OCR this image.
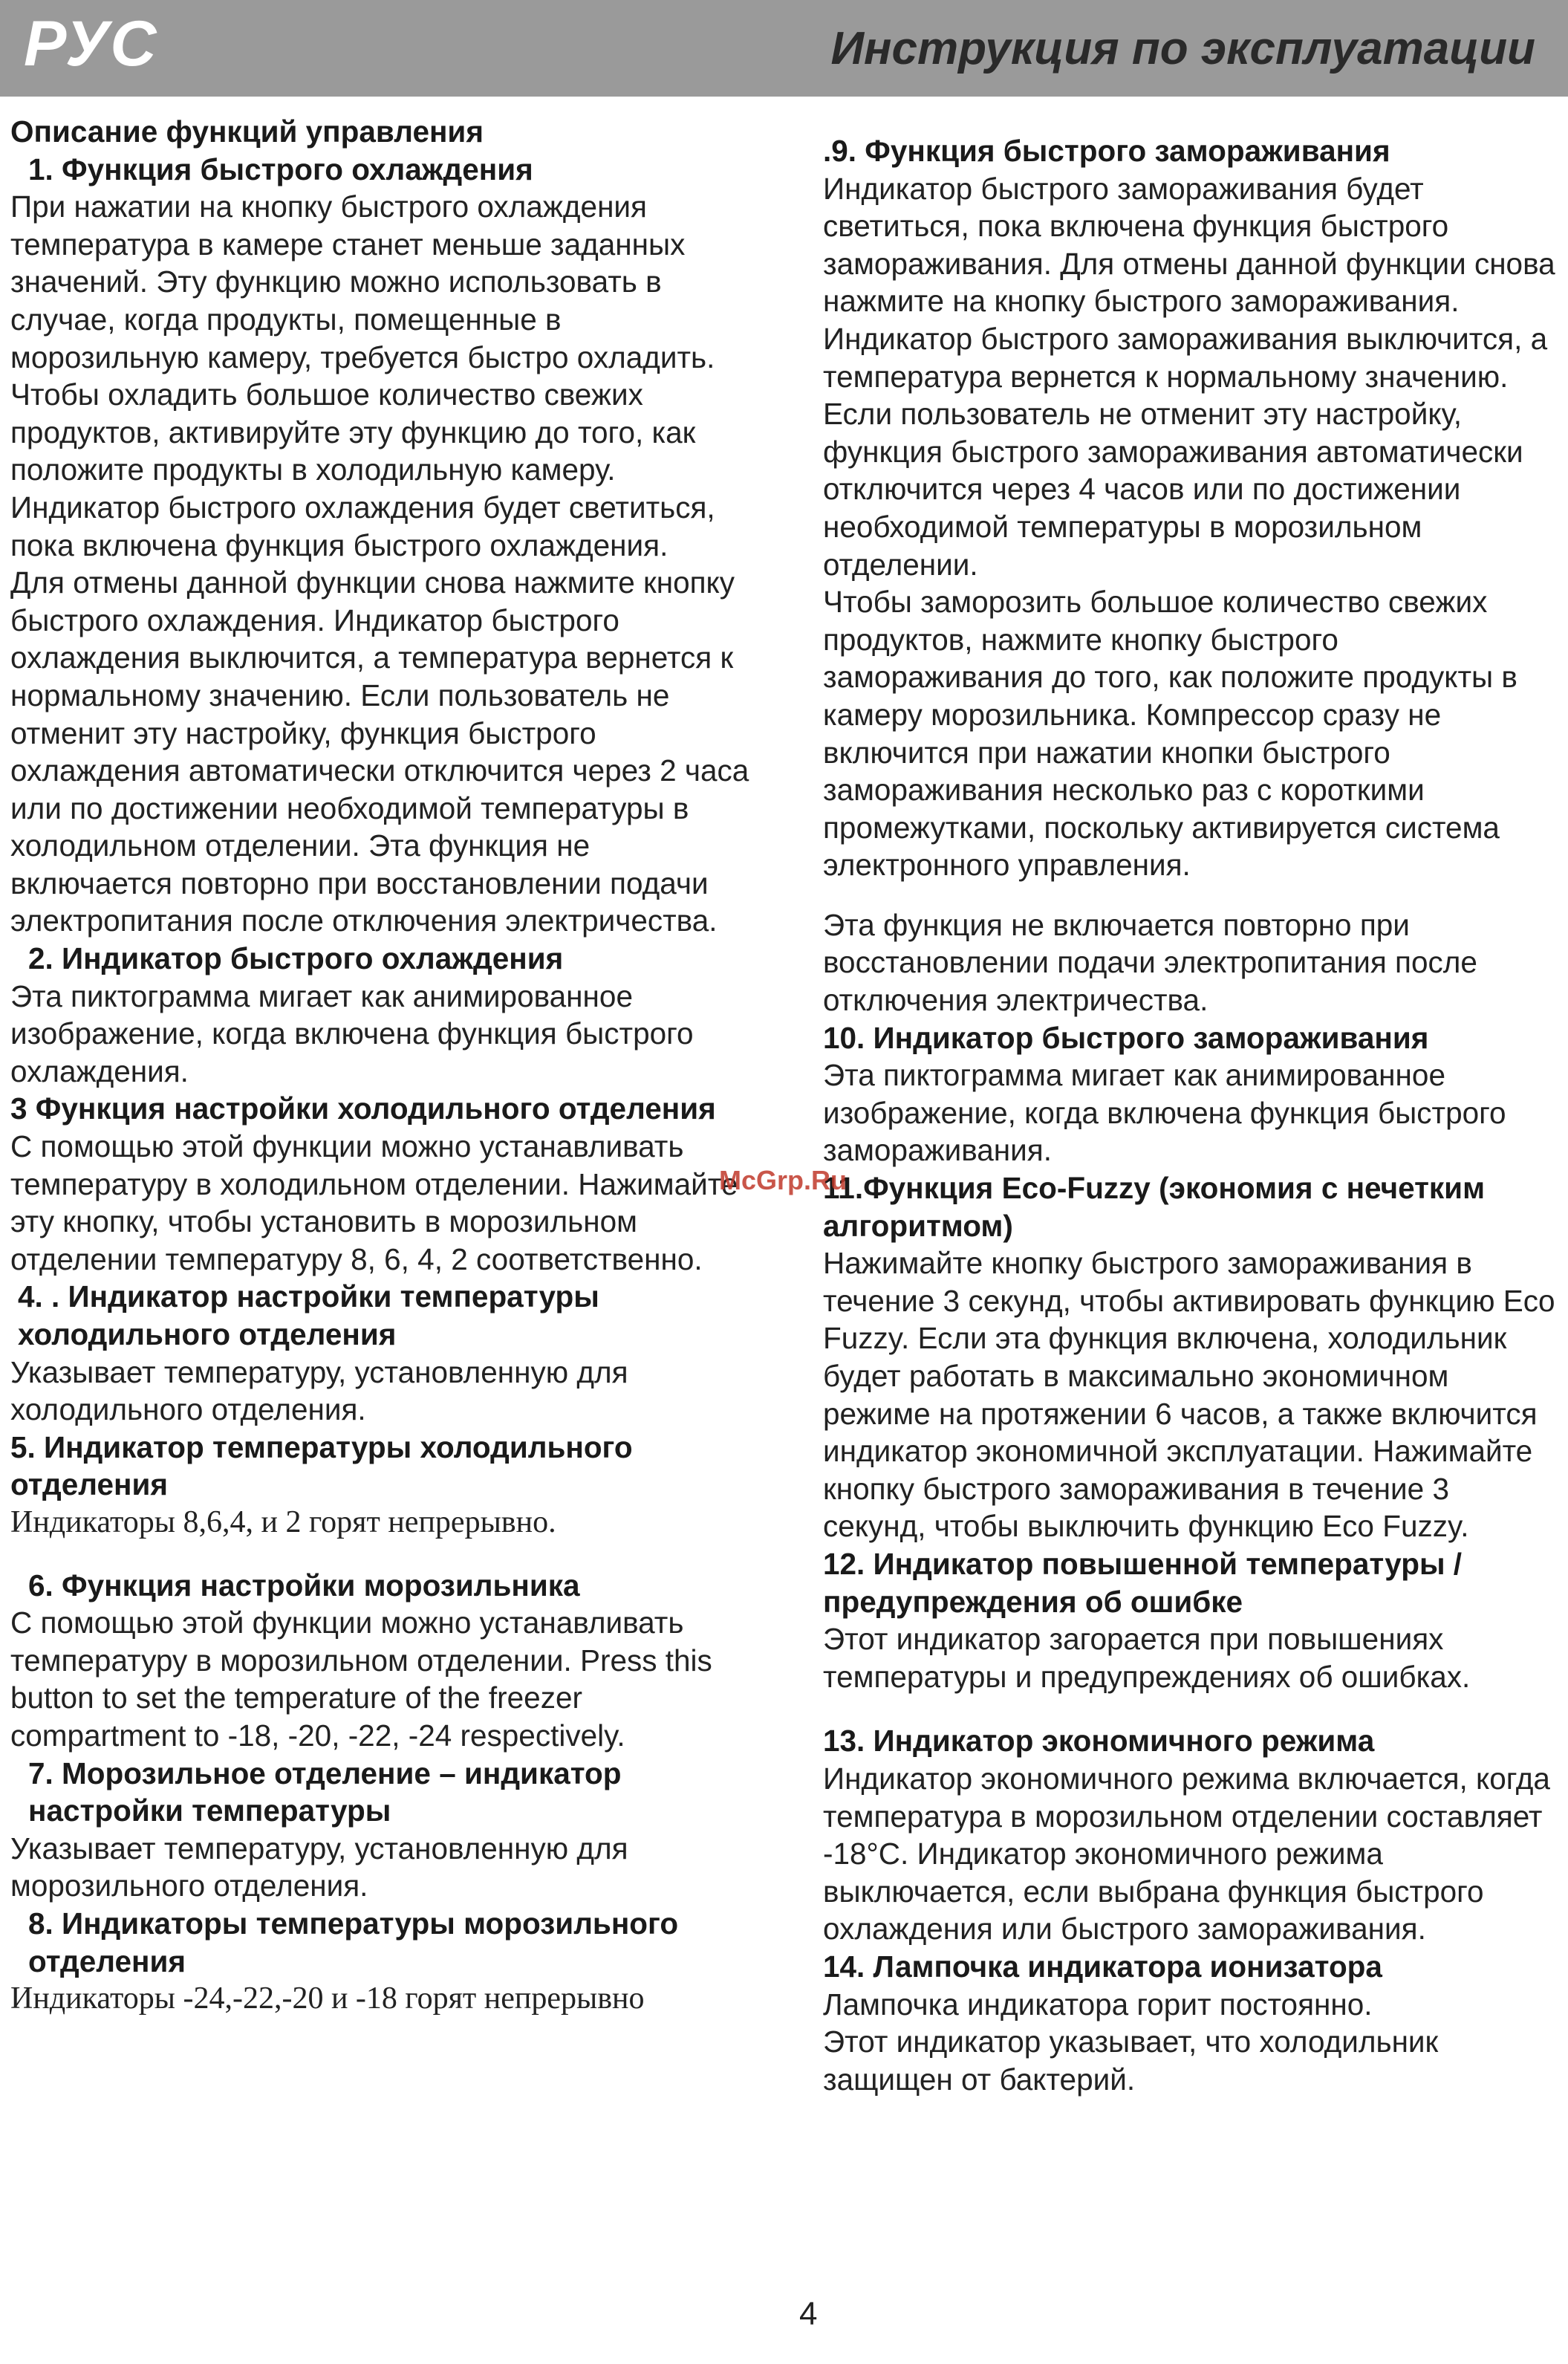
РУС	Инструкция по эксплуатации

Описание функций управления

1. Функция быстрого охлаждения

При нажатии на кнопку быстрого охлаждения температура в камере станет меньше заданных значений. Эту функцию можно использовать в случае, когда продукты, помещенные в морозильную камеру, требуется быстро охладить.

Чтобы охладить большое количество свежих продуктов, активируйте эту функцию до того, как положите продукты в холодильную камеру. Индикатор быстрого охлаждения будет светиться, пока включена функция быстрого охлаждения.

Для отмены данной функции снова нажмите кнопку быстрого охлаждения. Индикатор быстрого охлаждения выключится, а температура вернется к нормальному значению. Если пользователь не отменит эту настройку, функция быстрого охлаждения автоматически отключится через 2 часа или по достижении необходимой температуры в холодильном отделении. Эта функция не включается повторно при восстановлении подачи электропитания после отключения электричества.

2. Индикатор быстрого охлаждения

Эта пиктограмма мигает как анимированное изображение, когда включена функция быстрого охлаждения.

3 Функция настройки холодильного отделения

С помощью этой функции можно устанавливать температуру в холодильном отделении. Нажимайте эту кнопку, чтобы установить в морозильном отделении температуру 8, 6, 4, 2 соответственно.

4. . Индикатор настройки температуры холодильного отделения

Указывает температуру, установленную для холодильного отделения.

5. Индикатор температуры холодильного отделения

Индикаторы 8,6,4, и 2 горят непрерывно.

6. Функция настройки морозильника

С помощью этой функции можно устанавливать температуру в морозильном отделении. Press this button to set the temperature of the freezer compartment to -18, -20, -22, -24 respectively.

7. Морозильное отделение – индикатор настройки температуры

Указывает температуру, установленную для морозильного отделения.

8. Индикаторы температуры морозильного отделения

Индикаторы -24,-22,-20 и -18 горят непрерывно

.9. Функция быстрого замораживания

Индикатор быстрого замораживания будет светиться, пока включена функция быстрого замораживания. Для отмены данной функции снова нажмите на кнопку быстрого замораживания. Индикатор быстрого замораживания выключится, а температура вернется к нормальному значению. Если пользователь не отменит эту настройку, функция быстрого замораживания автоматически отключится через 4 часов или по достижении необходимой температуры в морозильном отделении.

Чтобы заморозить большое количество свежих продуктов, нажмите кнопку быстрого замораживания до того, как положите продукты в камеру морозильника. Компрессор сразу не включится при нажатии кнопки быстрого замораживания несколько раз с короткими промежутками, поскольку активируется система электронного управления.

Эта функция не включается повторно при восстановлении подачи электропитания после отключения электричества.

10. Индикатор быстрого замораживания

Эта пиктограмма мигает как анимированное изображение, когда включена функция быстрого замораживания.

11.Функция Eco-Fuzzy (экономия с нечетким алгоритмом)

Нажимайте кнопку быстрого замораживания в течение 3 секунд, чтобы активировать функцию Eco Fuzzy. Если эта функция включена, холодильник будет работать в максимально экономичном режиме на протяжении 6 часов, а также включится индикатор экономичной эксплуатации. Нажимайте кнопку быстрого замораживания в течение 3 секунд, чтобы выключить функцию Eco Fuzzy.

12. Индикатор повышенной температуры / предупреждения об ошибке

Этот индикатор загорается при повышениях температуры и предупреждениях об ошибках.

13. Индикатор экономичного режима

Индикатор экономичного режима включается, когда температура в морозильном отделении составляет -18°C. Индикатор экономичного режима выключается, если выбрана функция быстрого охлаждения или быстрого замораживания.

14. Лампочка индикатора ионизатора

Лампочка индикатора горит постоянно.

Этот индикатор указывает, что холодильник защищен от бактерий.

McGrp.Ru
4
